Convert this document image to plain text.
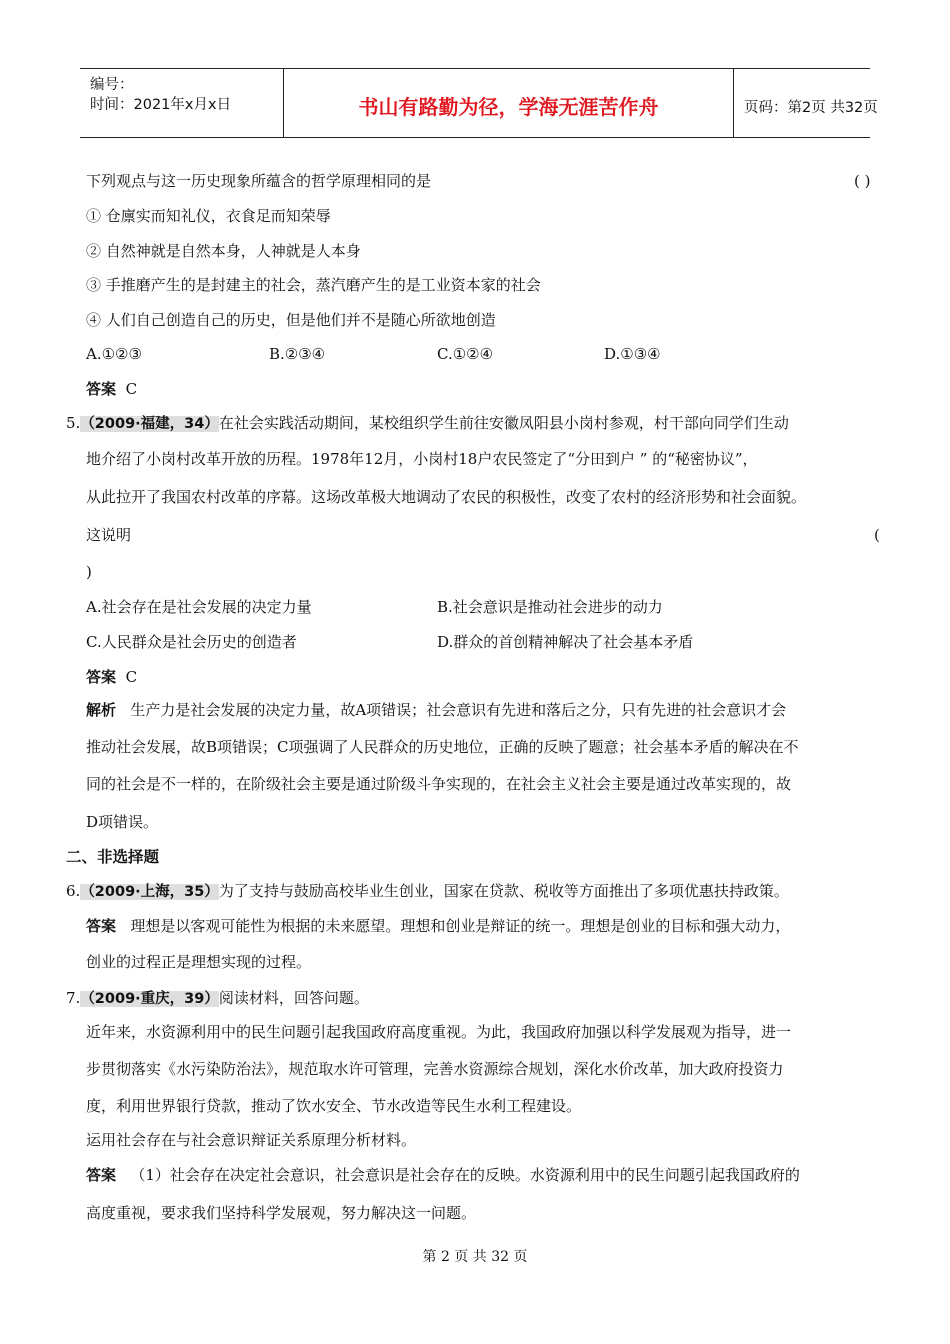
编号：
时间：2021年x月x日	书山有路勤为径，学海无涯苦作舟	页码：第2页 共32页
下列观点与这一历史现象所蕴含的哲学原理相同的是	( )
① 仓廪实而知礼仪，衣食足而知荣辱
② 自然神就是自然本身，人神就是人本身
③ 手推磨产生的是封建主的社会，蒸汽磨产生的是工业资本家的社会
④ 人们自己创造自己的历史，但是他们并不是随心所欲地创造
A.①②③	B.②③④	C.①②④	D.①③④
答案 C
5.（2009·福建，34）在社会实践活动期间，某校组织学生前往安徽凤阳县小岗村参观，村干部向同学们生动
地介绍了小岗村改革开放的历程。1978年12月，小岗村18户农民签定了“分田到户 ” 的“秘密协议”，
从此拉开了我国农村改革的序幕。这场改革极大地调动了农民的积极性，改变了农村的经济形势和社会面貌。
这说明	(
)
A.社会存在是社会发展的决定力量	B.社会意识是推动社会进步的动力
C.人民群众是社会历史的创造者	D.群众的首创精神解决了社会基本矛盾
答案 C
解析 生产力是社会发展的决定力量，故A项错误；社会意识有先进和落后之分，只有先进的社会意识才会
推动社会发展，故B项错误；C项强调了人民群众的历史地位，正确的反映了题意；社会基本矛盾的解决在不
同的社会是不一样的，在阶级社会主要是通过阶级斗争实现的，在社会主义社会主要是通过改革实现的，故
D项错误。
二、非选择题
6.（2009·上海，35）为了支持与鼓励高校毕业生创业，国家在贷款、税收等方面推出了多项优惠扶持政策。
答案 理想是以客观可能性为根据的未来愿望。理想和创业是辩证的统一。理想是创业的目标和强大动力，
创业的过程正是理想实现的过程。
7.（2009·重庆，39）阅读材料，回答问题。
近年来，水资源利用中的民生问题引起我国政府高度重视。为此，我国政府加强以科学发展观为指导，进一
步贯彻落实《水污染防治法》，规范取水许可管理，完善水资源综合规划，深化水价改革，加大政府投资力
度，利用世界银行贷款，推动了饮水安全、节水改造等民生水利工程建设。
运用社会存在与社会意识辩证关系原理分析材料。
答案 （1）社会存在决定社会意识，社会意识是社会存在的反映。水资源利用中的民生问题引起我国政府的
高度重视，要求我们坚持科学发展观，努力解决这一问题。
第 2 页 共 32 页
